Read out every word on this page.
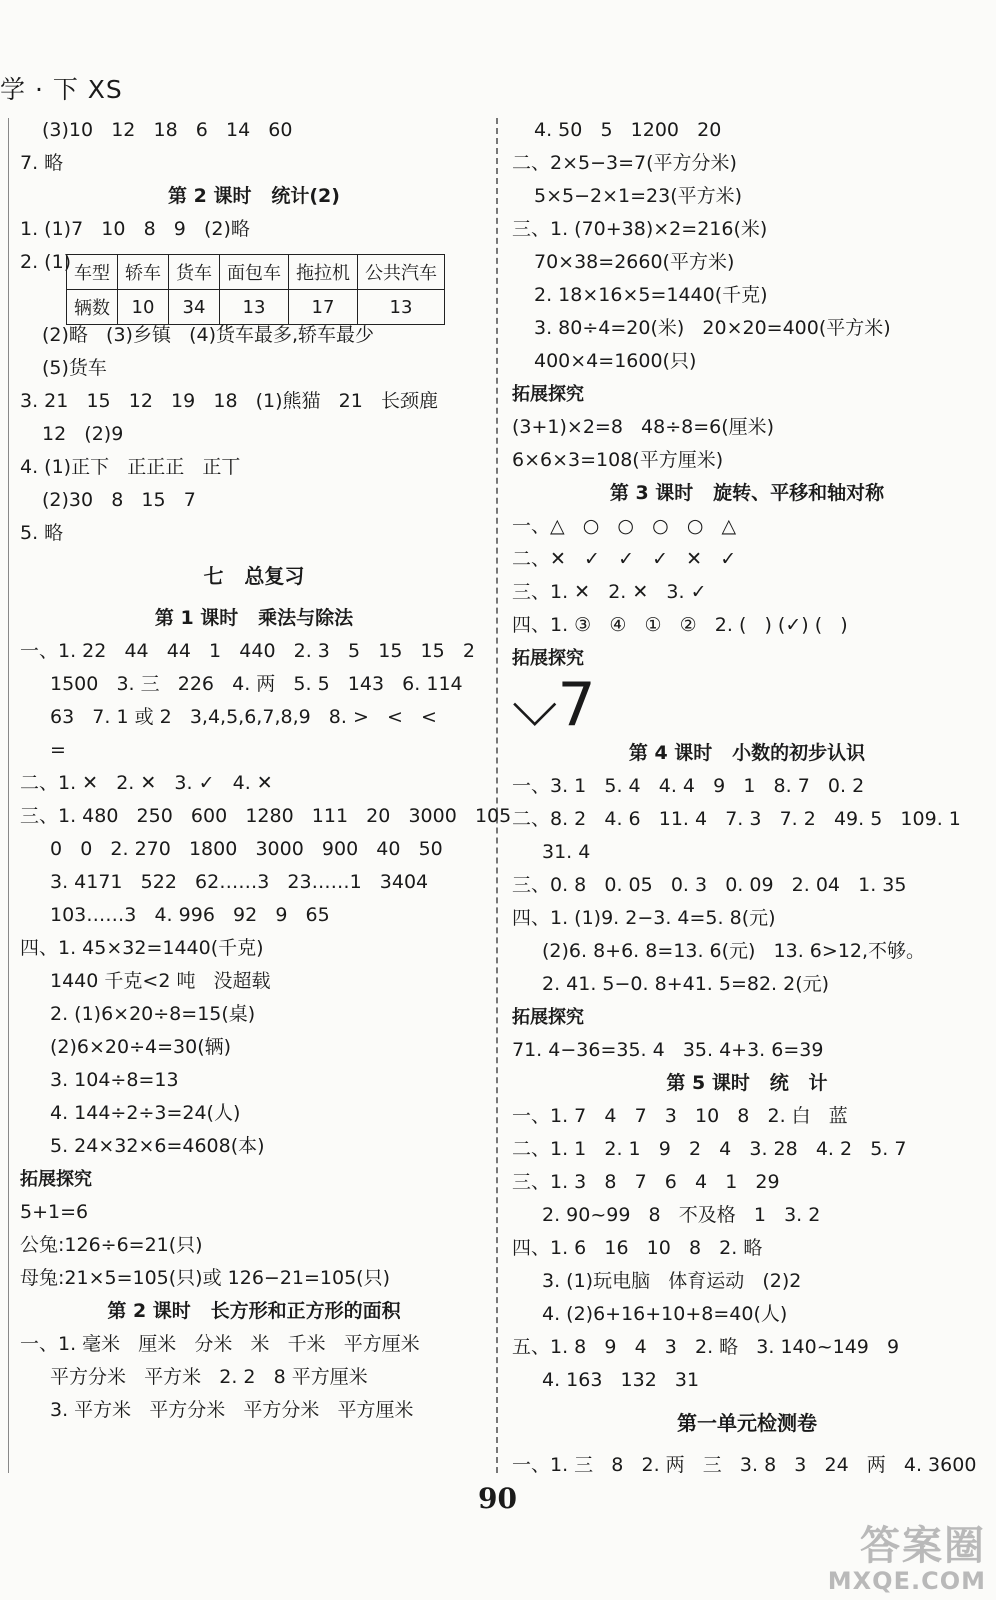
学 · 下 XS
(3)10   12   18   6   14   60
7. 略
第 2 课时   统计(2)
1. (1)7   10   8   9   (2)略
2. (1)
(2)略   (3)乡镇   (4)货车最多,轿车最少
(5)货车
3. 21   15   12   19   18   (1)熊猫   21   长颈鹿
12   (2)9
4. (1)正下   正正正   正丅
(2)30   8   15   7
5. 略
七   总复习
第 1 课时   乘法与除法
一、1. 22   44   44   1   440   2. 3   5   15   15   2
1500   3. 三   226   4. 两   5. 5   143   6. 114
63   7. 1 或 2   3,4,5,6,7,8,9   8. >   <   <
=
二、1. ✕   2. ✕   3. ✓   4. ✕
三、1. 480   250   600   1280   111   20   3000   105
0   0   2. 270   1800   3000   900   40   50
3. 4171   522   62……3   23……1   3404
103……3   4. 996   92   9   65
四、1. 45×32=1440(千克)
1440 千克<2 吨   没超载
2. (1)6×20÷8=15(桌)
(2)6×20÷4=30(辆)
3. 104÷8=13
4. 144÷2÷3=24(人)
5. 24×32×6=4608(本)
拓展探究
5+1=6
公兔:126÷6=21(只)
母兔:21×5=105(只)或 126−21=105(只)
第 2 课时   长方形和正方形的面积
一、1. 毫米   厘米   分米   米   千米   平方厘米
平方分米   平方米   2. 2   8 平方厘米
3. 平方米   平方分米   平方分米   平方厘米
车型	轿车	货车	面包车	拖拉机	公共汽车
辆数	10	34	13	17	13
4. 50   5   1200   20
二、2×5−3=7(平方分米)
5×5−2×1=23(平方米)
三、1. (70+38)×2=216(米)
70×38=2660(平方米)
2. 18×16×5=1440(千克)
3. 80÷4=20(米)   20×20=400(平方米)
400×4=1600(只)
拓展探究
(3+1)×2=8   48÷8=6(厘米)
6×6×3=108(平方厘米)
第 3 课时   旋转、平移和轴对称
一、△   ○   ○   ○   ○   △
二、✕   ✓   ✓   ✓   ✕   ✓
三、1. ✕   2. ✕   3. ✓
四、1. ③   ④   ①   ②   2. (   ) (✓) (   )
拓展探究
⌵7
第 4 课时   小数的初步认识
一、3. 1   5. 4   4. 4   9   1   8. 7   0. 2
二、8. 2   4. 6   11. 4   7. 3   7. 2   49. 5   109. 1
31. 4
三、0. 8   0. 05   0. 3   0. 09   2. 04   1. 35
四、1. (1)9. 2−3. 4=5. 8(元)
(2)6. 8+6. 8=13. 6(元)   13. 6>12,不够。
2. 41. 5−0. 8+41. 5=82. 2(元)
拓展探究
71. 4−36=35. 4   35. 4+3. 6=39
第 5 课时   统   计
一、1. 7   4   7   3   10   8   2. 白   蓝
二、1. 1   2. 1   9   2   4   3. 28   4. 2   5. 7
三、1. 3   8   7   6   4   1   29
2. 90~99   8   不及格   1   3. 2
四、1. 6   16   10   8   2. 略
3. (1)玩电脑   体育运动   (2)2
4. (2)6+16+10+8=40(人)
五、1. 8   9   4   3   2. 略   3. 140~149   9
4. 163   132   31
第一单元检测卷
一、1. 三   8   2. 两   三   3. 8   3   24   两   4. 3600
90
答案圈
MXQE.COM
